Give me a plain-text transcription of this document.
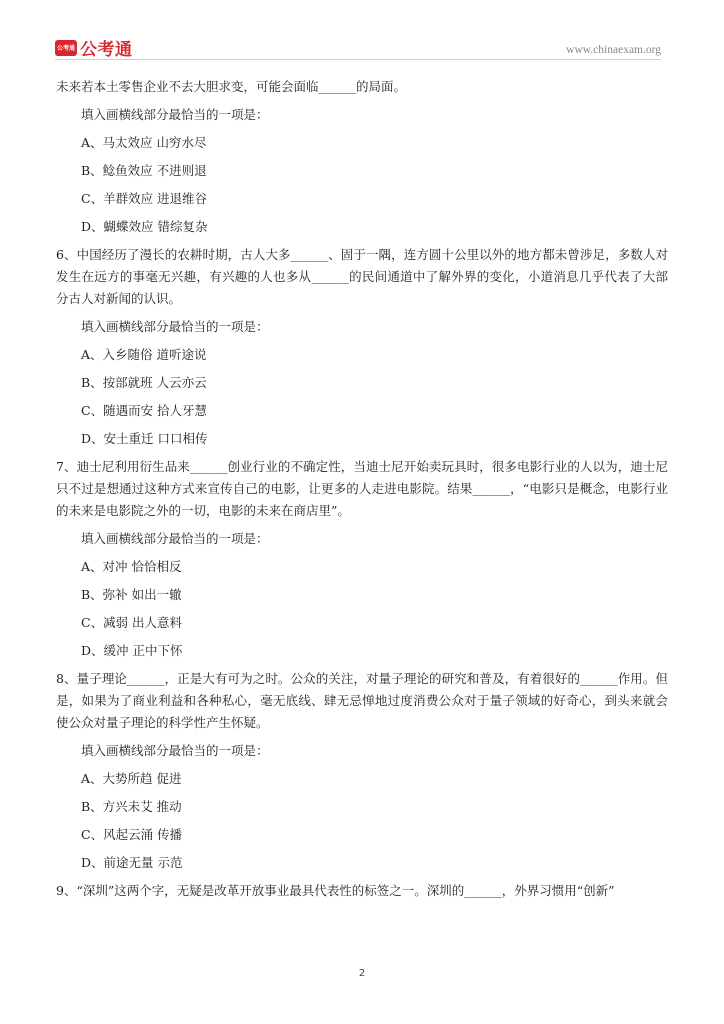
公考通 公考通	www.chinaexam.org

未来若本土零售企业不去大胆求变，可能会面临______的局面。

填入画横线部分最恰当的一项是：

A、马太效应 山穷水尽

B、鲶鱼效应 不进则退

C、羊群效应 进退维谷

D、蝴蝶效应 错综复杂

6、中国经历了漫长的农耕时期，古人大多______、固于一隅，连方圆十公里以外的地方都未曾涉足，多数人对发生在远方的事毫无兴趣，有兴趣的人也多从______的民间通道中了解外界的变化，小道消息几乎代表了大部分古人对新闻的认识。

填入画横线部分最恰当的一项是：

A、入乡随俗 道听途说

B、按部就班 人云亦云

C、随遇而安 拾人牙慧

D、安土重迁 口口相传

7、迪士尼利用衍生品来______创业行业的不确定性，当迪士尼开始卖玩具时，很多电影行业的人以为，迪士尼只不过是想通过这种方式来宣传自己的电影，让更多的人走进电影院。结果______，“电影只是概念，电影行业的未来是电影院之外的一切，电影的未来在商店里”。

填入画横线部分最恰当的一项是：

A、对冲 恰恰相反

B、弥补 如出一辙

C、减弱 出人意料

D、缓冲 正中下怀

8、量子理论______，正是大有可为之时。公众的关注，对量子理论的研究和普及，有着很好的______作用。但是，如果为了商业利益和各种私心，毫无底线、肆无忌惮地过度消费公众对于量子领域的好奇心，到头来就会使公众对量子理论的科学性产生怀疑。

填入画横线部分最恰当的一项是：

A、大势所趋 促进

B、方兴未艾 推动

C、风起云涌 传播

D、前途无量 示范

9、“深圳”这两个字，无疑是改革开放事业最具代表性的标签之一。深圳的______，外界习惯用“创新”

2
